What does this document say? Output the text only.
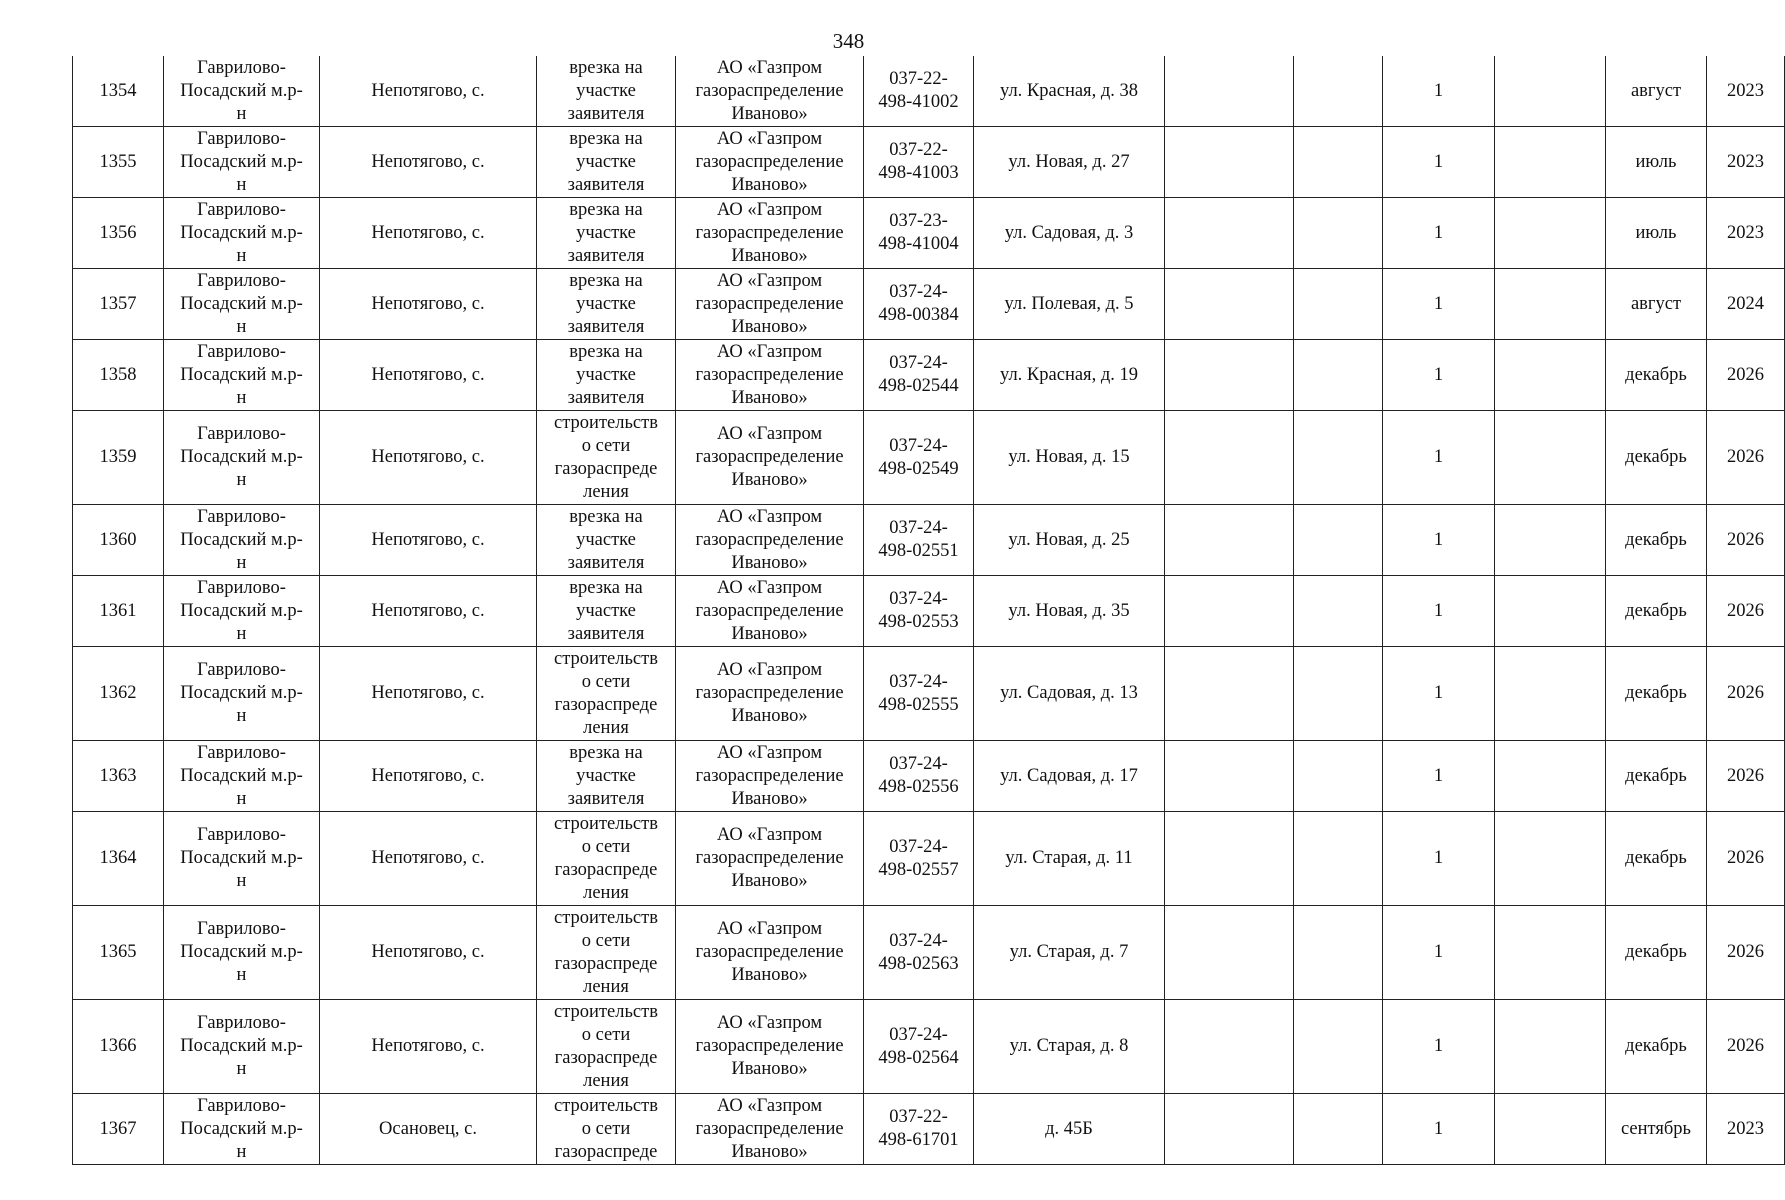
348
1354	Гаврилово-
Посадский м.р-
н	Непотягово, с.	врезка на
участке
заявителя	АО «Газпром
газораспределение
Иваново»	037-22-
498-41002	ул. Красная, д. 38			1		август	2023
1355	Гаврилово-
Посадский м.р-
н	Непотягово, с.	врезка на
участке
заявителя	АО «Газпром
газораспределение
Иваново»	037-22-
498-41003	ул. Новая, д. 27			1		июль	2023
1356	Гаврилово-
Посадский м.р-
н	Непотягово, с.	врезка на
участке
заявителя	АО «Газпром
газораспределение
Иваново»	037-23-
498-41004	ул. Садовая, д. 3			1		июль	2023
1357	Гаврилово-
Посадский м.р-
н	Непотягово, с.	врезка на
участке
заявителя	АО «Газпром
газораспределение
Иваново»	037-24-
498-00384	ул. Полевая, д. 5			1		август	2024
1358	Гаврилово-
Посадский м.р-
н	Непотягово, с.	врезка на
участке
заявителя	АО «Газпром
газораспределение
Иваново»	037-24-
498-02544	ул. Красная, д. 19			1		декабрь	2026
1359	Гаврилово-
Посадский м.р-
н	Непотягово, с.	строительств
о сети
газораспреде
ления	АО «Газпром
газораспределение
Иваново»	037-24-
498-02549	ул. Новая, д. 15			1		декабрь	2026
1360	Гаврилово-
Посадский м.р-
н	Непотягово, с.	врезка на
участке
заявителя	АО «Газпром
газораспределение
Иваново»	037-24-
498-02551	ул. Новая, д. 25			1		декабрь	2026
1361	Гаврилово-
Посадский м.р-
н	Непотягово, с.	врезка на
участке
заявителя	АО «Газпром
газораспределение
Иваново»	037-24-
498-02553	ул. Новая, д. 35			1		декабрь	2026
1362	Гаврилово-
Посадский м.р-
н	Непотягово, с.	строительств
о сети
газораспреде
ления	АО «Газпром
газораспределение
Иваново»	037-24-
498-02555	ул. Садовая, д. 13			1		декабрь	2026
1363	Гаврилово-
Посадский м.р-
н	Непотягово, с.	врезка на
участке
заявителя	АО «Газпром
газораспределение
Иваново»	037-24-
498-02556	ул. Садовая, д. 17			1		декабрь	2026
1364	Гаврилово-
Посадский м.р-
н	Непотягово, с.	строительств
о сети
газораспреде
ления	АО «Газпром
газораспределение
Иваново»	037-24-
498-02557	ул. Старая, д. 11			1		декабрь	2026
1365	Гаврилово-
Посадский м.р-
н	Непотягово, с.	строительств
о сети
газораспреде
ления	АО «Газпром
газораспределение
Иваново»	037-24-
498-02563	ул. Старая, д. 7			1		декабрь	2026
1366	Гаврилово-
Посадский м.р-
н	Непотягово, с.	строительств
о сети
газораспреде
ления	АО «Газпром
газораспределение
Иваново»	037-24-
498-02564	ул. Старая, д. 8			1		декабрь	2026
1367	Гаврилово-
Посадский м.р-
н	Осановец, с.	строительств
о сети
газораспреде	АО «Газпром
газораспределение
Иваново»	037-22-
498-61701	д. 45Б			1		сентябрь	2023
